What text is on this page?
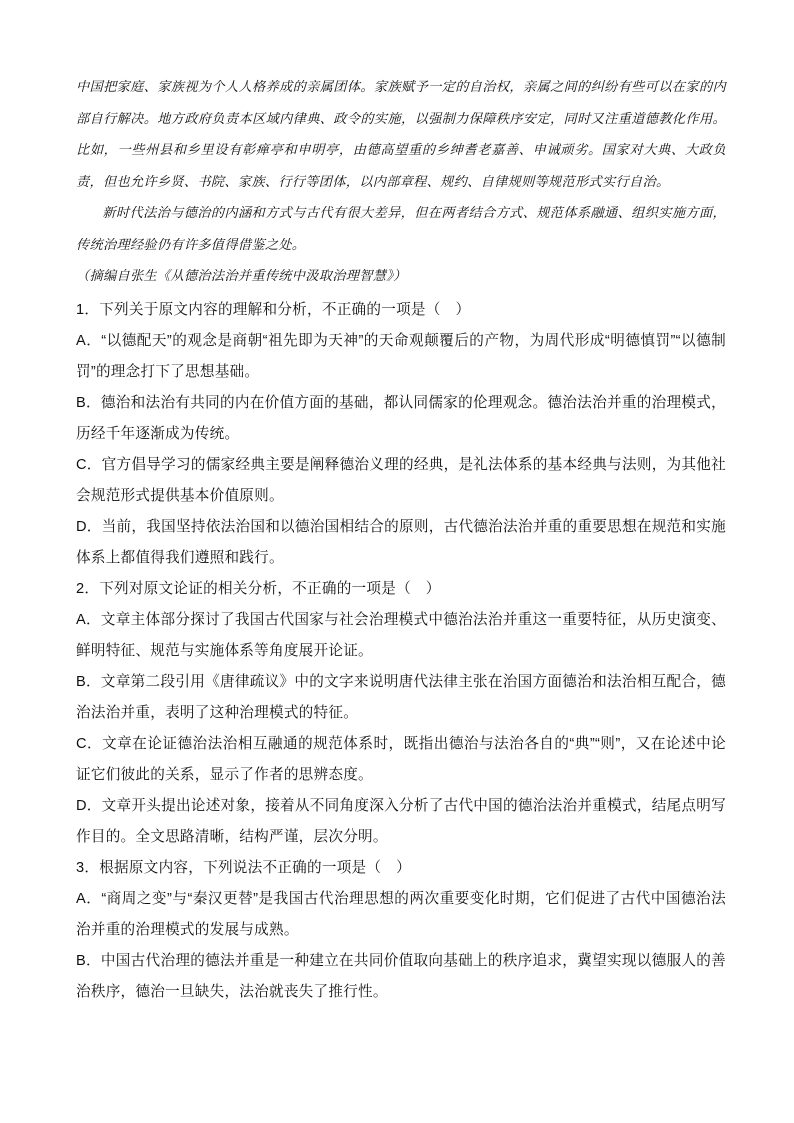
中国把家庭、家族视为个人人格养成的亲属团体。家族赋予一定的自治权，亲属之间的纠纷有些可以在家的内部自行解决。地方政府负责本区域内律典、政令的实施，以强制力保障秩序安定，同时又注重道德教化作用。比如，一些州县和乡里设有彰瘅亭和申明亭，由德高望重的乡绅耆老嘉善、申诫顽劣。国家对大典、大政负责，但也允许乡贤、书院、家族、行行等团体，以内部章程、规约、自律规则等规范形式实行自治。

新时代法治与德治的内涵和方式与古代有很大差异，但在两者结合方式、规范体系融通、组织实施方面，传统治理经验仍有许多值得借鉴之处。

（摘编自张生《从德治法治并重传统中汲取治理智慧》）

1．下列关于原文内容的理解和分析，不正确的一项是（　）

A．“以德配天”的观念是商朝“祖先即为天神”的天命观颠覆后的产物，为周代形成“明德慎罚”“以德制罚”的理念打下了思想基础。

B．德治和法治有共同的内在价值方面的基础，都认同儒家的伦理观念。德治法治并重的治理模式，历经千年逐渐成为传统。

C．官方倡导学习的儒家经典主要是阐释德治义理的经典，是礼法体系的基本经典与法则，为其他社会规范形式提供基本价值原则。

D．当前，我国坚持依法治国和以德治国相结合的原则，古代德治法治并重的重要思想在规范和实施体系上都值得我们遵照和践行。

2．下列对原文论证的相关分析，不正确的一项是（　）

A．文章主体部分探讨了我国古代国家与社会治理模式中德治法治并重这一重要特征，从历史演变、鲜明特征、规范与实施体系等角度展开论证。

B．文章第二段引用《唐律疏议》中的文字来说明唐代法律主张在治国方面德治和法治相互配合，德治法治并重，表明了这种治理模式的特征。

C．文章在论证德治法治相互融通的规范体系时，既指出德治与法治各自的“典”“则”，又在论述中论证它们彼此的关系，显示了作者的思辨态度。

D．文章开头提出论述对象，接着从不同角度深入分析了古代中国的德治法治并重模式，结尾点明写作目的。全文思路清晰，结构严谨，层次分明。

3．根据原文内容，下列说法不正确的一项是（　）

A．“商周之变”与“秦汉更替”是我国古代治理思想的两次重要变化时期，它们促进了古代中国德治法治并重的治理模式的发展与成熟。

B．中国古代治理的德法并重是一种建立在共同价值取向基础上的秩序追求，冀望实现以德服人的善治秩序，德治一旦缺失，法治就丧失了推行性。
